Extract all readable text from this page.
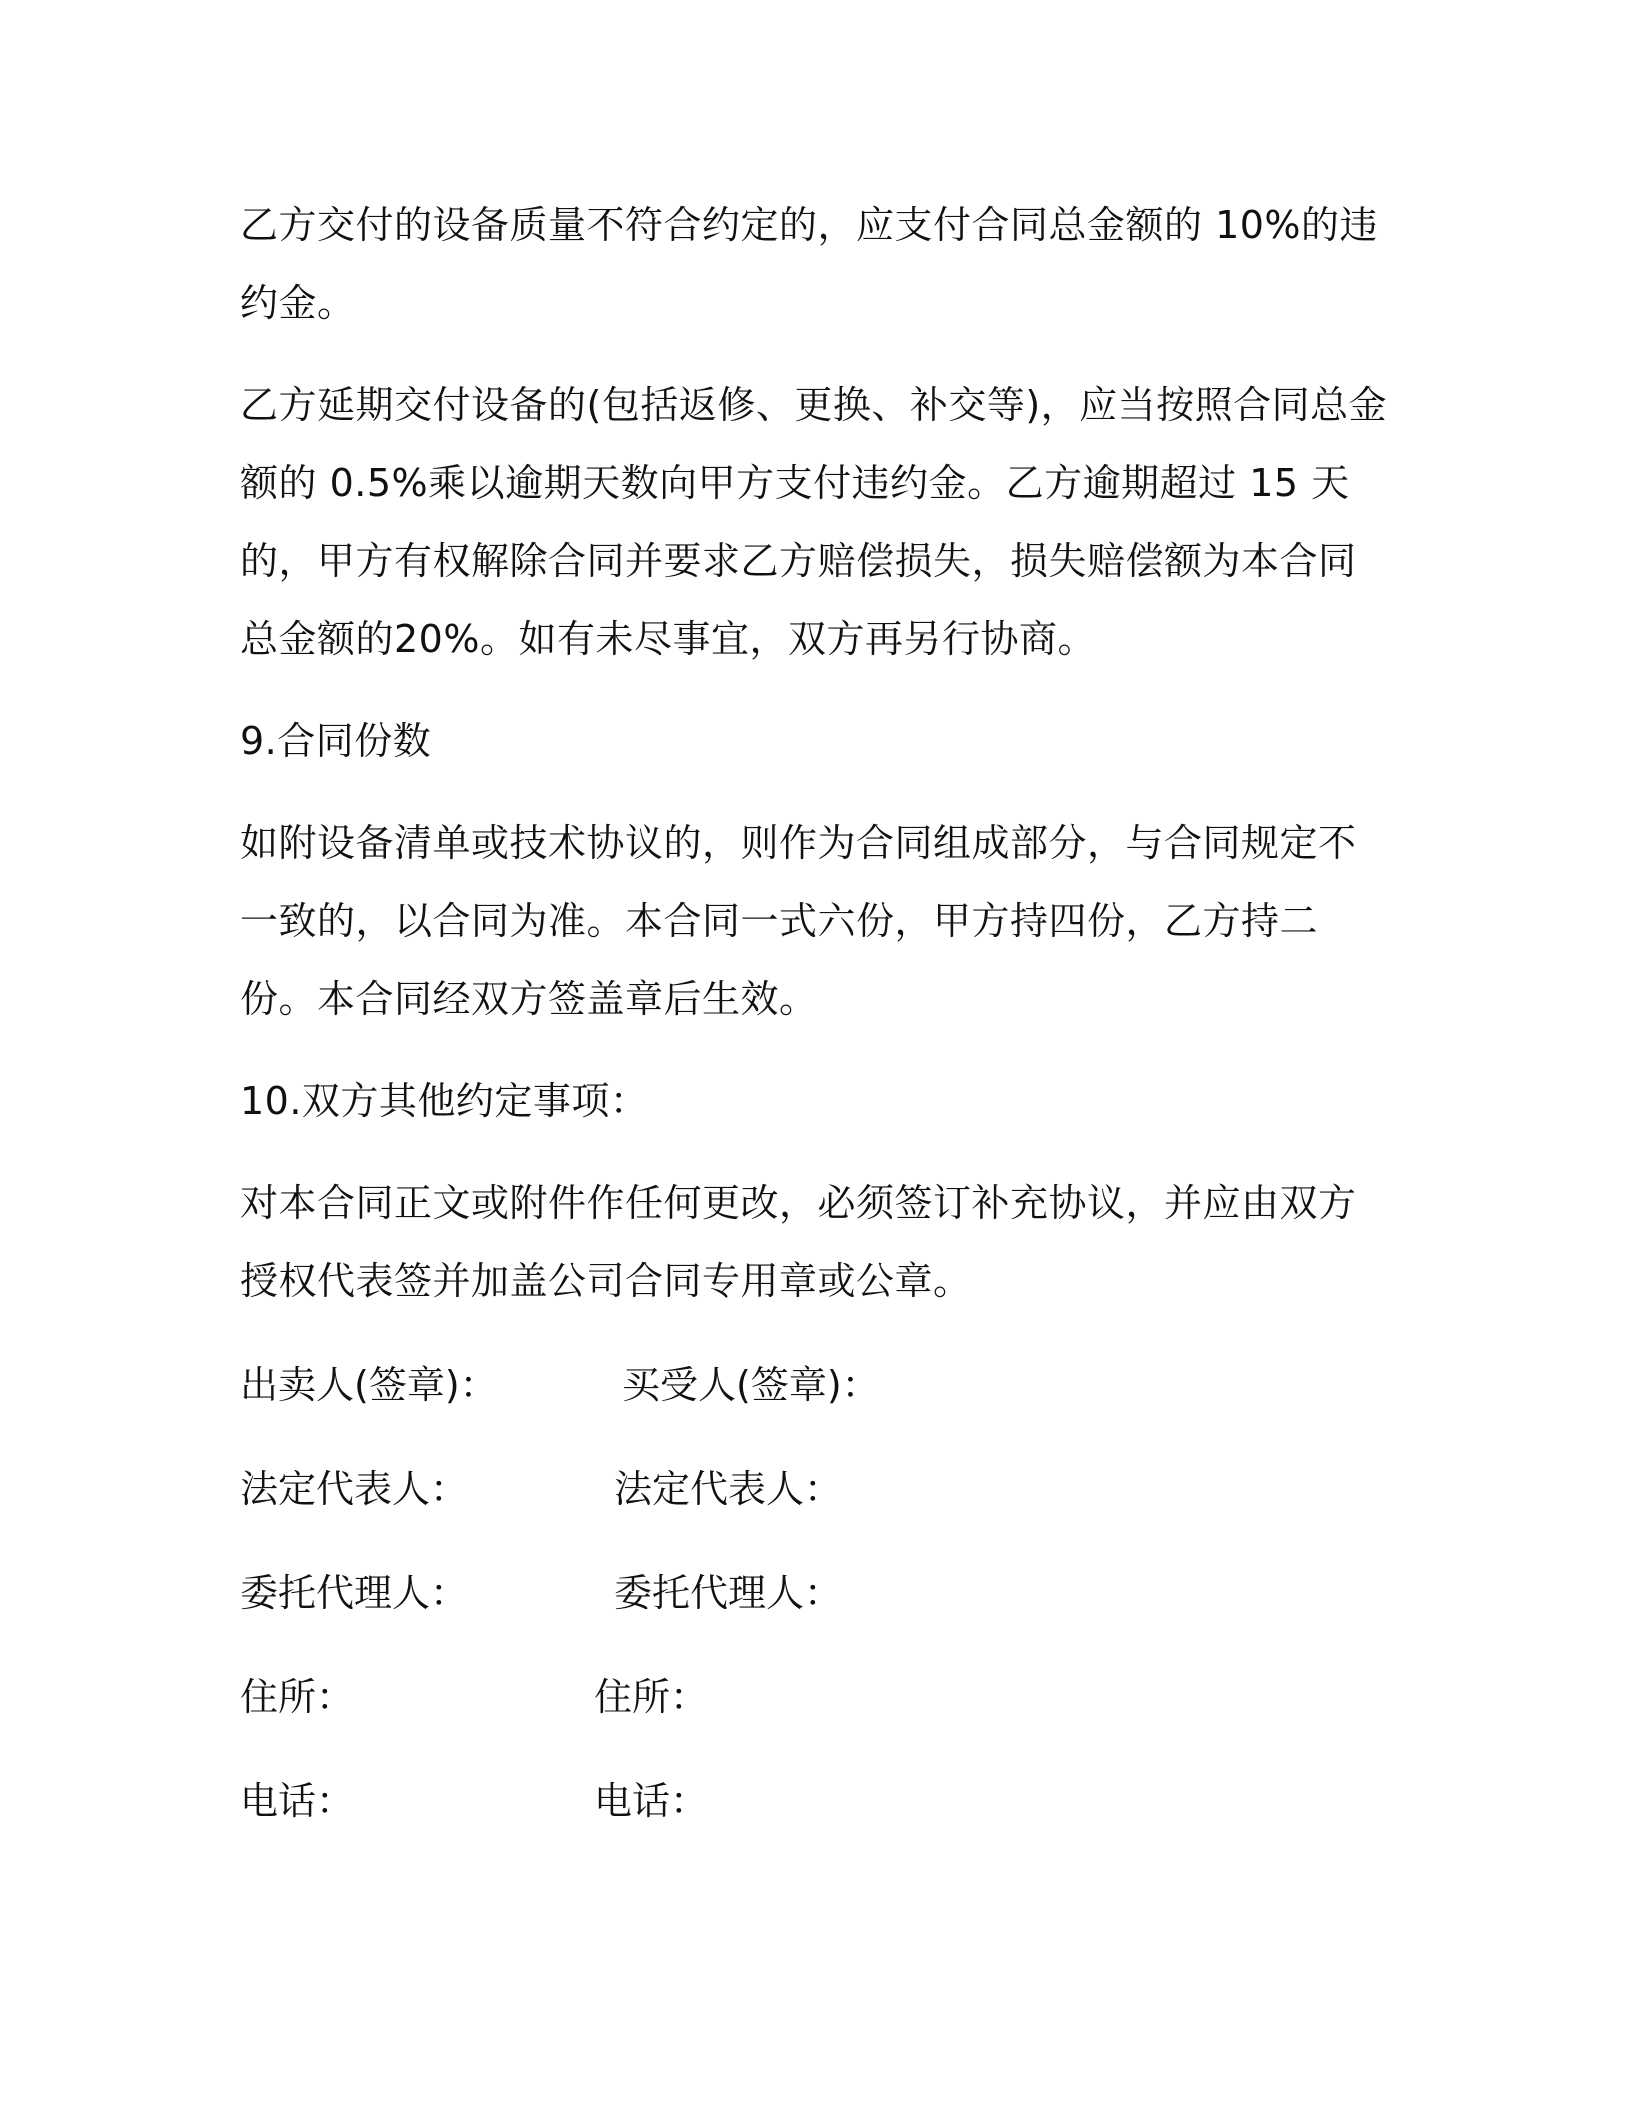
乙方交付的设备质量不符合约定的，应支付合同总金额的 10%的违约金。

乙方延期交付设备的(包括返修、更换、补交等)，应当按照合同总金额的 0.5%乘以逾期天数向甲方支付违约金。乙方逾期超过 15 天的，甲方有权解除合同并要求乙方赔偿损失，损失赔偿额为本合同总金额的20%。如有未尽事宜，双方再另行协商。

9.合同份数

如附设备清单或技术协议的，则作为合同组成部分，与合同规定不一致的，以合同为准。本合同一式六份，甲方持四份，乙方持二份。本合同经双方签盖章后生效。

10.双方其他约定事项：

对本合同正文或附件作任何更改，必须签订补充协议，并应由双方授权代表签并加盖公司合同专用章或公章。

出卖人(签章)：	买受人(签章)：
法定代表人：	法定代表人：
委托代理人：	委托代理人：
住所：	住所：
电话：	电话：
